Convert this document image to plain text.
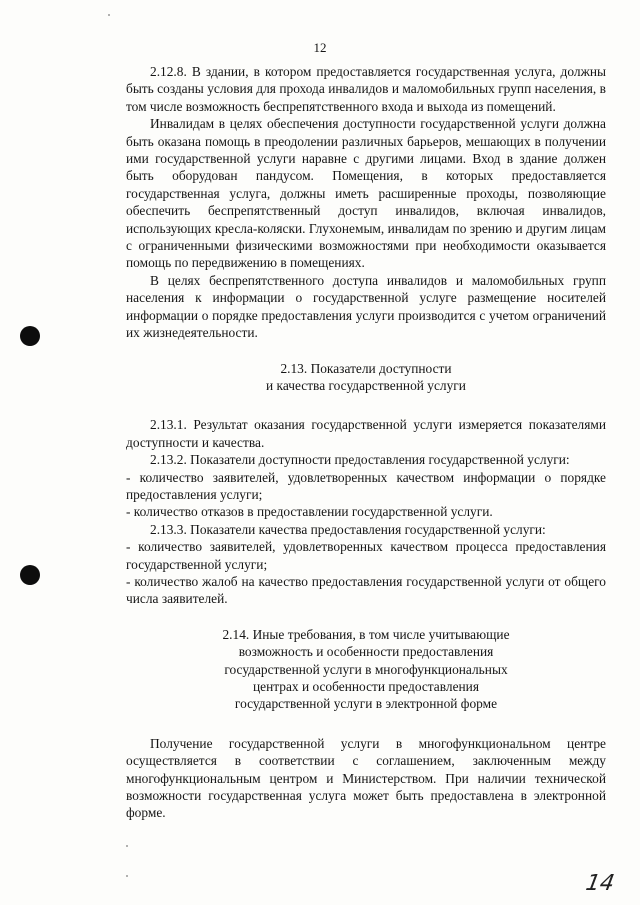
12

2.12.8. В здании, в котором предоставляется государственная услуга, должны быть созданы условия для прохода инвалидов и маломобильных групп населения, в том числе возможность беспрепятственного входа и выхода из помещений.

Инвалидам в целях обеспечения доступности государственной услуги должна быть оказана помощь в преодолении различных барьеров, мешающих в получении ими государственной услуги наравне с другими лицами. Вход в здание должен быть оборудован пандусом. Помещения, в которых предоставляется государственная услуга, должны иметь расширенные проходы, позволяющие обеспечить беспрепятственный доступ инвалидов, включая инвалидов, использующих кресла-коляски. Глухонемым, инвалидам по зрению и другим лицам с ограниченными физическими возможностями при необходимости оказывается помощь по передвижению в помещениях.

В целях беспрепятственного доступа инвалидов и маломобильных групп населения к информации о государственной услуге размещение носителей информации о порядке предоставления услуги производится с учетом ограничений их жизнедеятельности.

2.13. Показатели доступности
и качества государственной услуги

2.13.1. Результат оказания государственной услуги измеряется показателями доступности и качества.

2.13.2. Показатели доступности предоставления государственной услуги:

- количество заявителей, удовлетворенных качеством информации о порядке предоставления услуги;

- количество отказов в предоставлении государственной услуги.

2.13.3. Показатели качества предоставления государственной услуги:

- количество заявителей, удовлетворенных качеством процесса предоставления государственной услуги;

- количество жалоб на качество предоставления государственной услуги от общего числа заявителей.

2.14. Иные требования, в том числе учитывающие
возможность и особенности предоставления
государственной услуги в многофункциональных
центрах и особенности предоставления
государственной услуги в электронной форме

Получение государственной услуги в многофункциональном центре осуществляется в соответствии с соглашением, заключенным между многофункциональным центром и Министерством. При наличии технической возможности государственная услуга может быть предоставлена в электронной форме.

14
